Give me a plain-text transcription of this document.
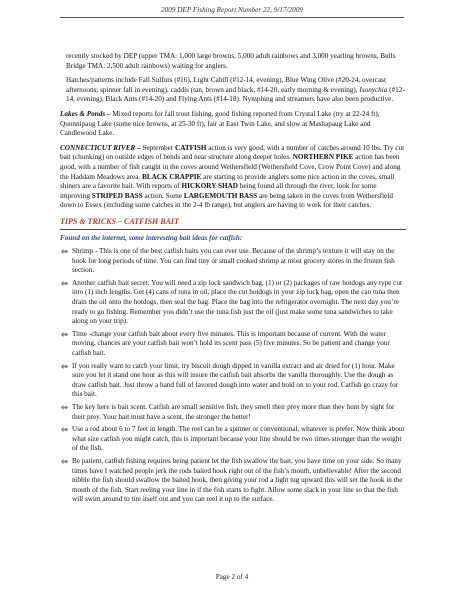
2009 DEP Fishing Report Number 22, 9/17/2009

recently stocked by DEP (upper TMA: 1,000 large browns, 5,000 adult rainbows and 3,000 yearling browns, Bulls Bridge TMA: 2,500 adult rainbows) waiting for anglers.

Hatches/patterns include Fall Sulfurs (#16), Light Cahill (#12-14, evening), Blue Wing Olive (#20-24, overcast afternoons; spinner fall in evening), caddis (tan, brown and black, #14-20, early morning & evening), Isonychia (#12-14, evening), Black Ants (#14-20) and Flying Ants (#14-18). Nymphing and streamers have also been productive.

Lakes & Ponds – Mixed reports for fall trout fishing, good fishing reported from Crystal Lake (try at 22-24 ft), Quonnipaug Lake (some nice browns, at 25-30 ft), fair at East Twin Lake, and slow at Mashapaug Lake and Candlewood Lake.

CONNECTICUT RIVER – September CATFISH action is very good, with a number of catches around 10 lbs. Try cut bait (chunking) on outside edges of bends and near structure along deeper holes. NORTHERN PIKE action has been good, with a number of fish caught in the coves around Wethersfield (Wethersfield Cove, Crow Point Cove) and along the Haddam Meadows area. BLACK CRAPPIE are starting to provide anglers some nice action in the coves, small shiners are a favorite bait. With reports of HICKORY SHAD being found all through the river, look for some improving STRIPED BASS action. Some LARGEMOUTH BASS are being taken in the coves from Wethersfield down to Essex (including some catches in the 2-4 lb range), but anglers are having to work for their catches.

TIPS & TRICKS – CATFISH BAIT
Found on the internet, some interesting bait ideas for catfish:
Shrimp - This is one of the best catfish baits you can ever use. Because of the shrimp’s texture it will stay on the hook for long periods of time. You can find tiny or small cooked shrimp at most grocery stores in the frozen fish section.
Another catfish bait secret: You will need a zip lock sandwich bag, (1) or (2) packages of raw hotdogs any type cut into (1) inch lengths. Get (4) cans of tuna in oil, place the cut hotdogs in your zip lock bag, open the can tuna then drain the oil onto the hotdogs, then seal the bag. Place the bag into the refrigerator overnight. The next day you’re ready to go fishing. Remember you didn’t use the tuna fish just the oil (just make some tuna sandwiches to take along on your trip).
Time -change your catfish bait about every five minutes. This is important because of current. With the water moving, chances are your catfish bait won’t hold its scent pass (5) five minutes. So be patient and change your catfish bait.
If you really want to catch your limit, try biscuit dough dipped in vanilla extract and air dried for (1) hour. Make sure you let it stand one hour as this will insure the catfish bait absorbs the vanilla thoroughly. Use the dough as draw catfish bait. Just throw a hand full of favored dough into water and hold on to your rod. Catfish go crazy for this bait.
The key here is bait scent. Catfish are small sensitive fish, they smell their prey more than they hunt by sight for their prey. Your bait must have a scent, the stronger the better!
Use a rod about 6 to 7 feet in length. The reel can be a spinner or conventional, whatever is prefer. Now think about what size catfish you might catch, this is important because your line should be two times stronger than the weight of the fish.
Be patient, catfish fishing requires being patient let the fish swallow the bait, you have time on your side. So many times have I watched people jerk the rods baited hook right out of the fish’s mouth, unbelievable! After the second nibble the fish should swallow the baited hook, then giving your rod a light tug upward this will set the hook in the mouth of the fish. Start reeling your line in if the fish starts to fight. Allow some slack in your line so that the fish will swim around to tire itself out and you can reel it up to the surface.
Page 2 of 4
